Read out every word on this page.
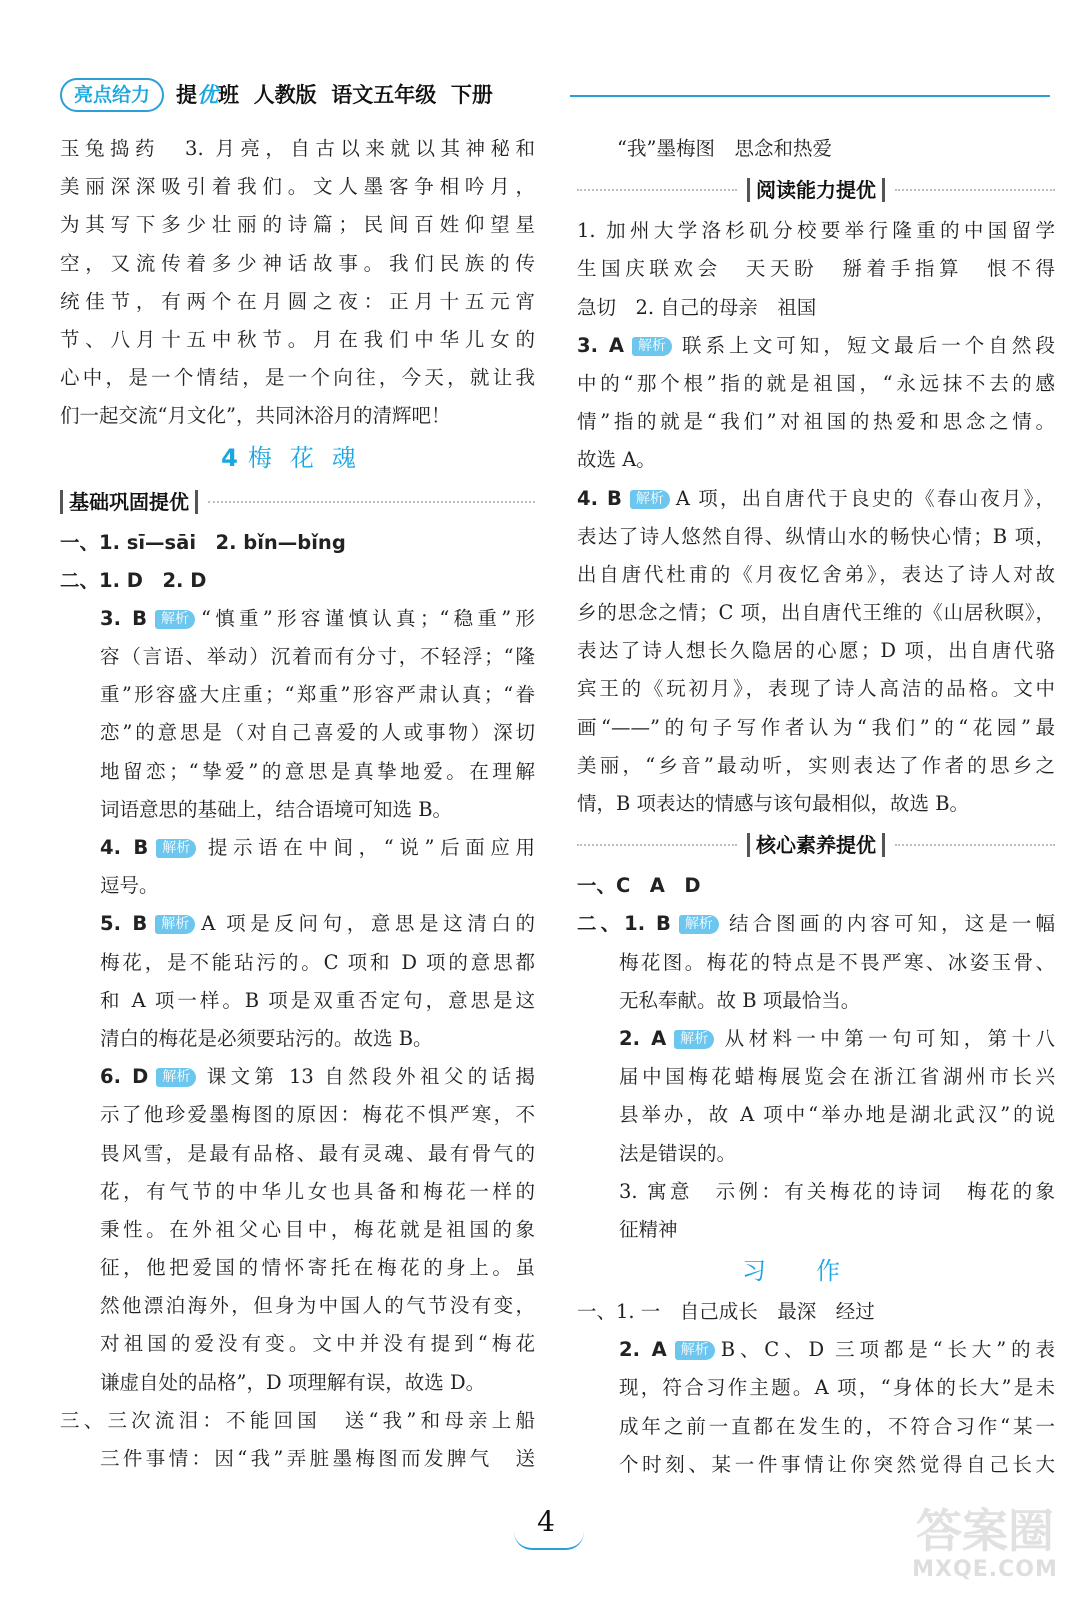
亮点给力	提优班  人教版  语文五年级  下册
玉兔捣药　3. 月亮，自古以来就以其神秘和
美丽深深吸引着我们。文人墨客争相吟月，
为其写下多少壮丽的诗篇；民间百姓仰望星
空，又流传着多少神话故事。我们民族的传
统佳节，有两个在月圆之夜：正月十五元宵
节、八月十五中秋节。月在我们中华儿女的
心中，是一个情结，是一个向往，今天，就让我
们一起交流“月文化”，共同沐浴月的清辉吧！
4 梅花魂
基础巩固提优
一、1. sī—sāi　2. bǐn—bǐng
二、1. D　2. D
3. B 解析 “慎重”形容谨慎认真；“稳重”形
容（言语、举动）沉着而有分寸，不轻浮；“隆
重”形容盛大庄重；“郑重”形容严肃认真；“眷
恋”的意思是（对自己喜爱的人或事物）深切
地留恋；“挚爱”的意思是真挚地爱。在理解
词语意思的基础上，结合语境可知选 B。
4. B 解析 提示语在中间，“说”后面应用
逗号。
5. B 解析 A 项是反问句，意思是这清白的
梅花，是不能玷污的。C 项和 D 项的意思都
和 A 项一样。B 项是双重否定句，意思是这
清白的梅花是必须要玷污的。故选 B。
6. D 解析 课文第 13 自然段外祖父的话揭
示了他珍爱墨梅图的原因：梅花不惧严寒，不
畏风雪，是最有品格、最有灵魂、最有骨气的
花，有气节的中华儿女也具备和梅花一样的
秉性。在外祖父心目中，梅花就是祖国的象
征，他把爱国的情怀寄托在梅花的身上。虽
然他漂泊海外，但身为中国人的气节没有变，
对祖国的爱没有变。文中并没有提到“梅花
谦虚自处的品格”，D 项理解有误，故选 D。
三、三次流泪：不能回国　送“我”和母亲上船
三件事情：因“我”弄脏墨梅图而发脾气　送
“我”墨梅图　思念和热爱
阅读能力提优
1. 加州大学洛杉矶分校要举行隆重的中国留学
生国庆联欢会　天天盼　掰着手指算　恨不得
急切　2. 自己的母亲　祖国
3. A 解析 联系上文可知，短文最后一个自然段
中的“那个根”指的就是祖国，“永远抹不去的感
情”指的就是“我们”对祖国的热爱和思念之情。
故选 A。
4. B 解析 A 项，出自唐代于良史的《春山夜月》，
表达了诗人悠然自得、纵情山水的畅快心情；B 项，
出自唐代杜甫的《月夜忆舍弟》，表达了诗人对故
乡的思念之情；C 项，出自唐代王维的《山居秋暝》，
表达了诗人想长久隐居的心愿；D 项，出自唐代骆
宾王的《玩初月》，表现了诗人高洁的品格。文中
画“——”的句子写作者认为“我们”的“花园”最
美丽，“乡音”最动听，实则表达了作者的思乡之
情，B 项表达的情感与该句最相似，故选 B。
核心素养提优
一、C　A　D
二、1. B 解析 结合图画的内容可知，这是一幅
梅花图。梅花的特点是不畏严寒、冰姿玉骨、
无私奉献。故 B 项最恰当。
2. A 解析 从材料一中第一句可知，第十八
届中国梅花蜡梅展览会在浙江省湖州市长兴
县举办，故 A 项中“举办地是湖北武汉”的说
法是错误的。
3. 寓意　示例：有关梅花的诗词　梅花的象
征精神
习作
一、1. 一　自己成长　最深　经过
2. A 解析 B、C、D 三项都是“长大”的表
现，符合习作主题。A 项，“身体的长大”是未
成年之前一直都在发生的，不符合习作“某一
个时刻、某一件事情让你突然觉得自己长大
4	答案圈
MXQE.COM
